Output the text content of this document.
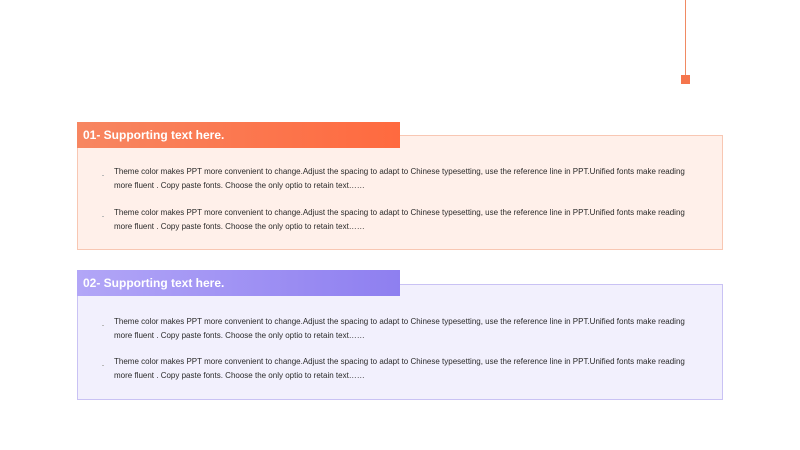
01- Supporting text here.
Theme color makes PPT more convenient to change.Adjust the spacing to adapt to Chinese typesetting, use the reference line in PPT.Unified fonts make reading more fluent . Copy paste fonts. Choose the only optio to retain text……
Theme color makes PPT more convenient to change.Adjust the spacing to adapt to Chinese typesetting, use the reference line in PPT.Unified fonts make reading more fluent . Copy paste fonts. Choose the only optio to retain text……
02- Supporting text here.
Theme color makes PPT more convenient to change.Adjust the spacing to adapt to Chinese typesetting, use the reference line in PPT.Unified fonts make reading more fluent . Copy paste fonts. Choose the only optio to retain text……
Theme color makes PPT more convenient to change.Adjust the spacing to adapt to Chinese typesetting, use the reference line in PPT.Unified fonts make reading more fluent . Copy paste fonts. Choose the only optio to retain text……
